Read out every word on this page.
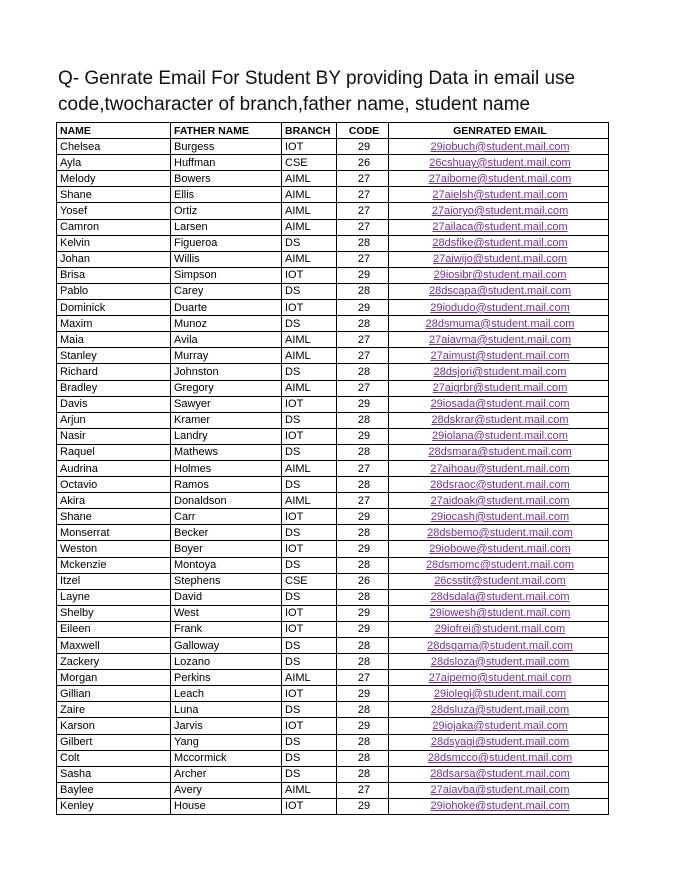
Q- Genrate Email For Student BY providing Data in email use
code,twocharacter of branch,father name, student name
NAME	FATHER NAME	BRANCH	CODE	GENRATED EMAIL
Chelsea	Burgess	IOT	29	29iobuch@student.mail.com
Ayla	Huffman	CSE	26	26cshuay@student.mail.com
Melody	Bowers	AIML	27	27aibome@student.mail.com
Shane	Ellis	AIML	27	27aielsh@student.mail.com
Yosef	Ortiz	AIML	27	27aioryo@student.mail.com
Camron	Larsen	AIML	27	27ailaca@student.mail.com
Kelvin	Figueroa	DS	28	28dsfike@student.mail.com
Johan	Willis	AIML	27	27aiwijo@student.mail.com
Brisa	Simpson	IOT	29	29iosibr@student.mail.com
Pablo	Carey	DS	28	28dscapa@student.mail.com
Dominick	Duarte	IOT	29	29iodudo@student.mail.com
Maxim	Munoz	DS	28	28dsmuma@student.mail.com
Maia	Avila	AIML	27	27aiavma@student.mail.com
Stanley	Murray	AIML	27	27aimust@student.mail.com
Richard	Johnston	DS	28	28dsjori@student.mail.com
Bradley	Gregory	AIML	27	27aigrbr@student.mail.com
Davis	Sawyer	IOT	29	29iosada@student.mail.com
Arjun	Kramer	DS	28	28dskrar@student.mail.com
Nasir	Landry	IOT	29	29iolana@student.mail.com
Raquel	Mathews	DS	28	28dsmara@student.mail.com
Audrina	Holmes	AIML	27	27aihoau@student.mail.com
Octavio	Ramos	DS	28	28dsraoc@student.mail.com
Akira	Donaldson	AIML	27	27aidoak@student.mail.com
Shane	Carr	IOT	29	29iocash@student.mail.com
Monserrat	Becker	DS	28	28dsbemo@student.mail.com
Weston	Boyer	IOT	29	29iobowe@student.mail.com
Mckenzie	Montoya	DS	28	28dsmomc@student.mail.com
Itzel	Stephens	CSE	26	26csstit@student.mail.com
Layne	David	DS	28	28dsdala@student.mail.com
Shelby	West	IOT	29	29iowesh@student.mail.com
Eileen	Frank	IOT	29	29iofrei@student.mail.com
Maxwell	Galloway	DS	28	28dsgama@student.mail.com
Zackery	Lozano	DS	28	28dsloza@student.mail.com
Morgan	Perkins	AIML	27	27aipemo@student.mail.com
Gillian	Leach	IOT	29	29iolegi@student.mail.com
Zaire	Luna	DS	28	28dsluza@student.mail.com
Karson	Jarvis	IOT	29	29iojaka@student.mail.com
Gilbert	Yang	DS	28	28dsyagi@student.mail.com
Colt	Mccormick	DS	28	28dsmcco@student.mail.com
Sasha	Archer	DS	28	28dsarsa@student.mail.com
Baylee	Avery	AIML	27	27aiavba@student.mail.com
Kenley	House	IOT	29	29iohoke@student.mail.com
